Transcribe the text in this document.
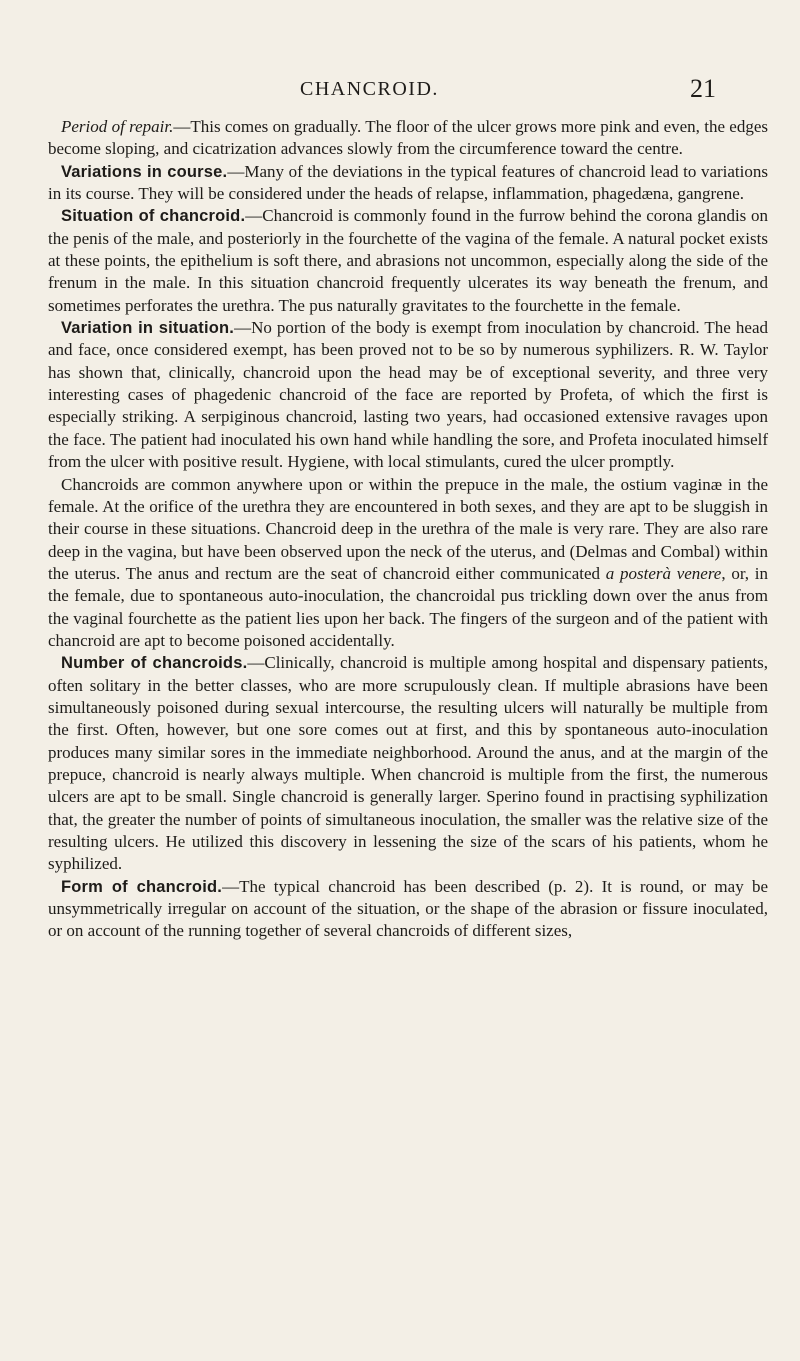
CHANCROID.	21

Period of repair.—This comes on gradually. The floor of the ulcer grows more pink and even, the edges become sloping, and cicatrization advances slowly from the circumference toward the centre.

Variations in course.—Many of the deviations in the typical features of chancroid lead to variations in its course. They will be considered under the heads of relapse, inflammation, phagedæna, gangrene.

Situation of chancroid.—Chancroid is commonly found in the furrow behind the corona glandis on the penis of the male, and posteriorly in the fourchette of the vagina of the female. A natural pocket exists at these points, the epithelium is soft there, and abrasions not uncommon, especially along the side of the frenum in the male. In this situation chancroid frequently ulcerates its way beneath the frenum, and sometimes perforates the urethra. The pus naturally gravitates to the fourchette in the female.

Variation in situation.—No portion of the body is exempt from inoculation by chancroid. The head and face, once considered exempt, has been proved not to be so by numerous syphilizers. R. W. Taylor has shown that, clinically, chancroid upon the head may be of exceptional severity, and three very interesting cases of phagedenic chancroid of the face are reported by Profeta, of which the first is especially striking. A serpiginous chancroid, lasting two years, had occasioned extensive ravages upon the face. The patient had inoculated his own hand while handling the sore, and Profeta inoculated himself from the ulcer with positive result. Hygiene, with local stimulants, cured the ulcer promptly.

Chancroids are common anywhere upon or within the prepuce in the male, the ostium vaginæ in the female. At the orifice of the urethra they are encountered in both sexes, and they are apt to be sluggish in their course in these situations. Chancroid deep in the urethra of the male is very rare. They are also rare deep in the vagina, but have been observed upon the neck of the uterus, and (Delmas and Combal) within the uterus. The anus and rectum are the seat of chancroid either communicated a posterà venere, or, in the female, due to spontaneous auto-inoculation, the chancroidal pus trickling down over the anus from the vaginal fourchette as the patient lies upon her back. The fingers of the surgeon and of the patient with chancroid are apt to become poisoned accidentally.

Number of chancroids.—Clinically, chancroid is multiple among hospital and dispensary patients, often solitary in the better classes, who are more scrupulously clean. If multiple abrasions have been simultaneously poisoned during sexual intercourse, the resulting ulcers will naturally be multiple from the first. Often, however, but one sore comes out at first, and this by spontaneous auto-inoculation produces many similar sores in the immediate neighborhood. Around the anus, and at the margin of the prepuce, chancroid is nearly always multiple. When chancroid is multiple from the first, the numerous ulcers are apt to be small. Single chancroid is generally larger. Sperino found in practising syphilization that, the greater the number of points of simultaneous inoculation, the smaller was the relative size of the resulting ulcers. He utilized this discovery in lessening the size of the scars of his patients, whom he syphilized.

Form of chancroid.—The typical chancroid has been described (p. 2). It is round, or may be unsymmetrically irregular on account of the situation, or the shape of the abrasion or fissure inoculated, or on account of the running together of several chancroids of different sizes,
